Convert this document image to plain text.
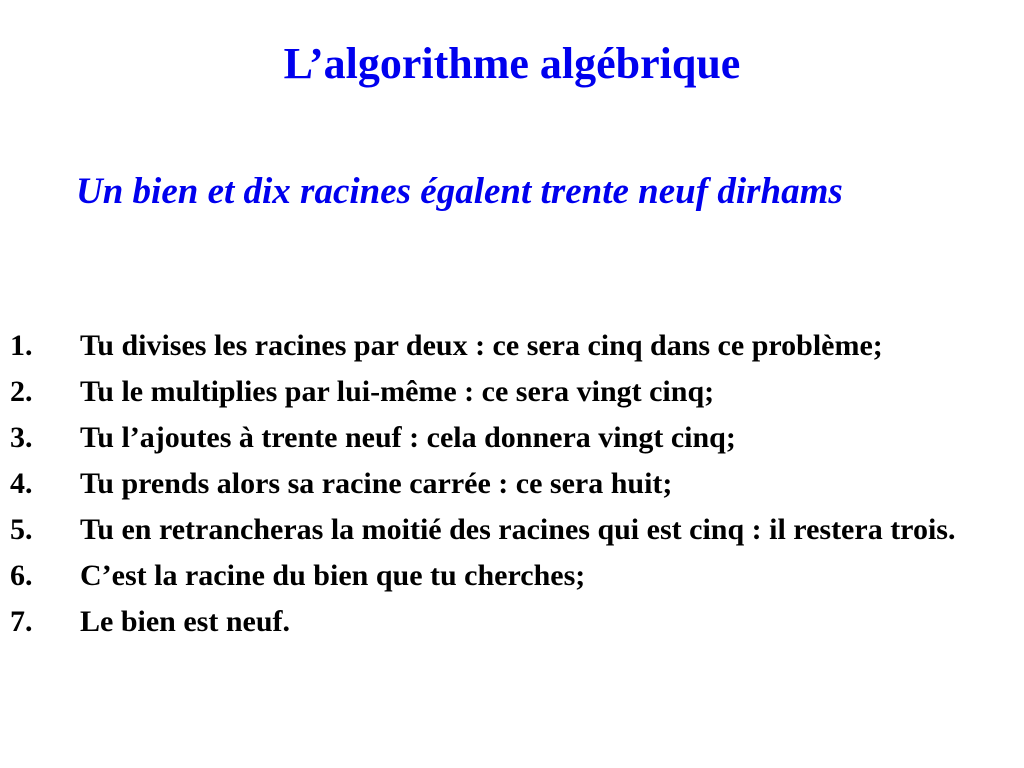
L’algorithme algébrique

Un bien et dix racines égalent trente neuf dirhams

1.	Tu divises les racines par deux : ce sera cinq dans ce problème;
2.	Tu le multiplies par lui-même : ce sera vingt cinq;
3.	Tu l’ajoutes à trente neuf : cela donnera vingt cinq;
4.	Tu prends alors sa racine carrée : ce sera huit;
5.	Tu en retrancheras la moitié des racines qui est cinq : il restera trois.
6.	C’est la racine du bien que tu cherches;
7.	Le bien est neuf.
